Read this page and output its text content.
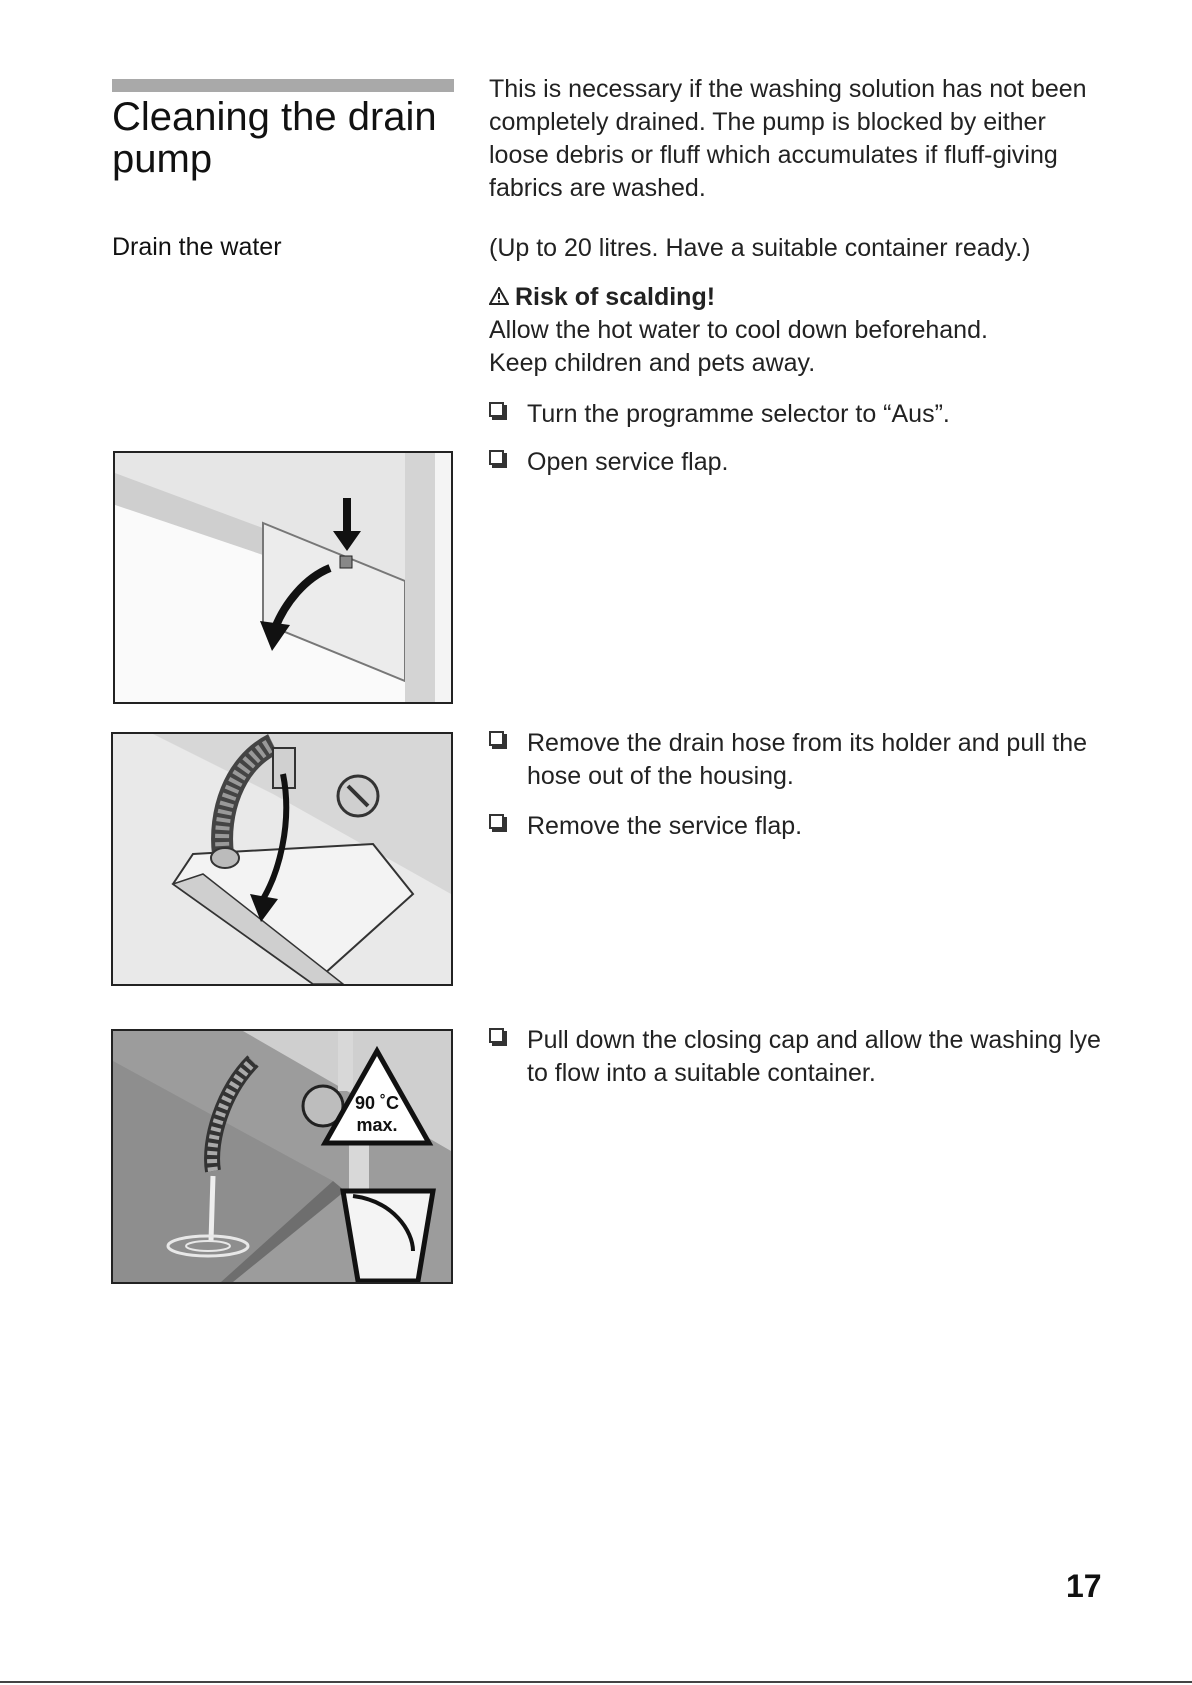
Cleaning the drain pump
Drain the water
This is necessary if the washing solution has not been completely drained. The pump is blocked by either loose debris or fluff which accumulates if fluff-giving fabrics are washed.
(Up to 20 litres. Have a suitable container ready.)
Risk of scalding!
Allow the hot water to cool down beforehand.
Keep children and pets away.
Turn the programme selector to “Aus”.
Open service flap.
Remove the drain hose from its holder and pull the hose out of the housing.
Remove the service flap.
Pull down the closing cap and allow the washing lye to flow into a suitable container.
90 ˚C
max.
17
